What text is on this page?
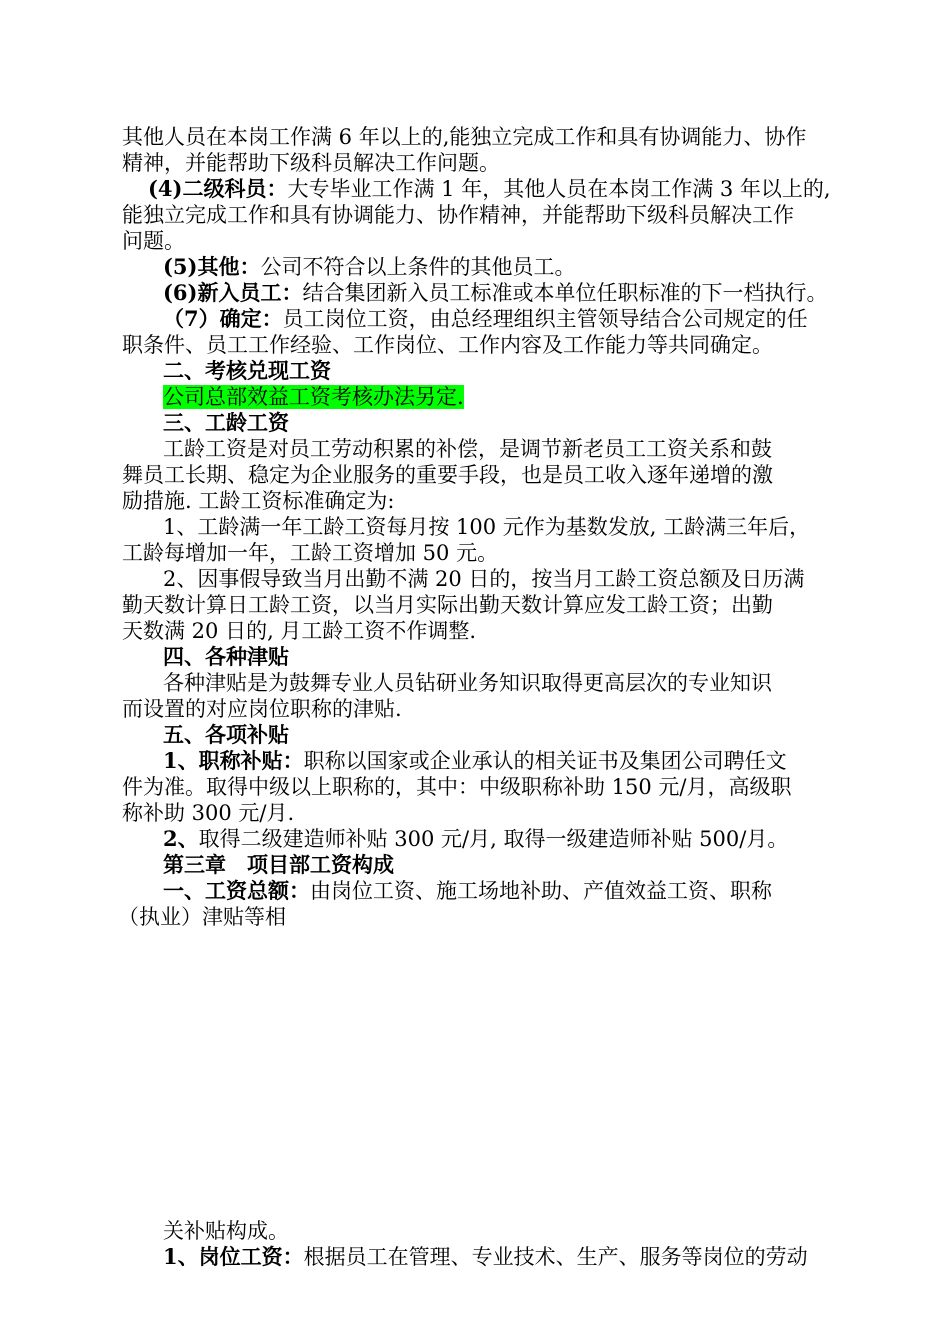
其他人员在本岗工作满 6 年以上的,能独立完成工作和具有协调能力、协作
精神，并能帮助下级科员解决工作问题。
(4)二级科员：大专毕业工作满 1 年，其他人员在本岗工作满 3 年以上的,
能独立完成工作和具有协调能力、协作精神，并能帮助下级科员解决工作
问题。
(5)其他：公司不符合以上条件的其他员工。
(6)新入员工：结合集团新入员工标准或本单位任职标准的下一档执行。
（7）确定：员工岗位工资，由总经理组织主管领导结合公司规定的任
职条件、员工工作经验、工作岗位、工作内容及工作能力等共同确定。
二、考核兑现工资
公司总部效益工资考核办法另定.
三、工龄工资
工龄工资是对员工劳动积累的补偿，是调节新老员工工资关系和鼓
舞员工长期、稳定为企业服务的重要手段，也是员工收入逐年递增的激
励措施. 工龄工资标准确定为:
1、工龄满一年工龄工资每月按 100 元作为基数发放, 工龄满三年后，
工龄每增加一年，工龄工资增加 50 元。
2、因事假导致当月出勤不满 20 日的，按当月工龄工资总额及日历满
勤天数计算日工龄工资，以当月实际出勤天数计算应发工龄工资；出勤
天数满 20 日的, 月工龄工资不作调整.
四、各种津贴
各种津贴是为鼓舞专业人员钻研业务知识取得更高层次的专业知识
而设置的对应岗位职称的津贴.
五、各项补贴
1、职称补贴：职称以国家或企业承认的相关证书及集团公司聘任文
件为准。取得中级以上职称的，其中：中级职称补助 150 元/月，高级职
称补助 300 元/月.
2、取得二级建造师补贴 300 元/月, 取得一级建造师补贴 500/月。
第三章　项目部工资构成
一、工资总额：由岗位工资、施工场地补助、产值效益工资、职称
（执业）津贴等相
关补贴构成。
1、岗位工资：根据员工在管理、专业技术、生产、服务等岗位的劳动
